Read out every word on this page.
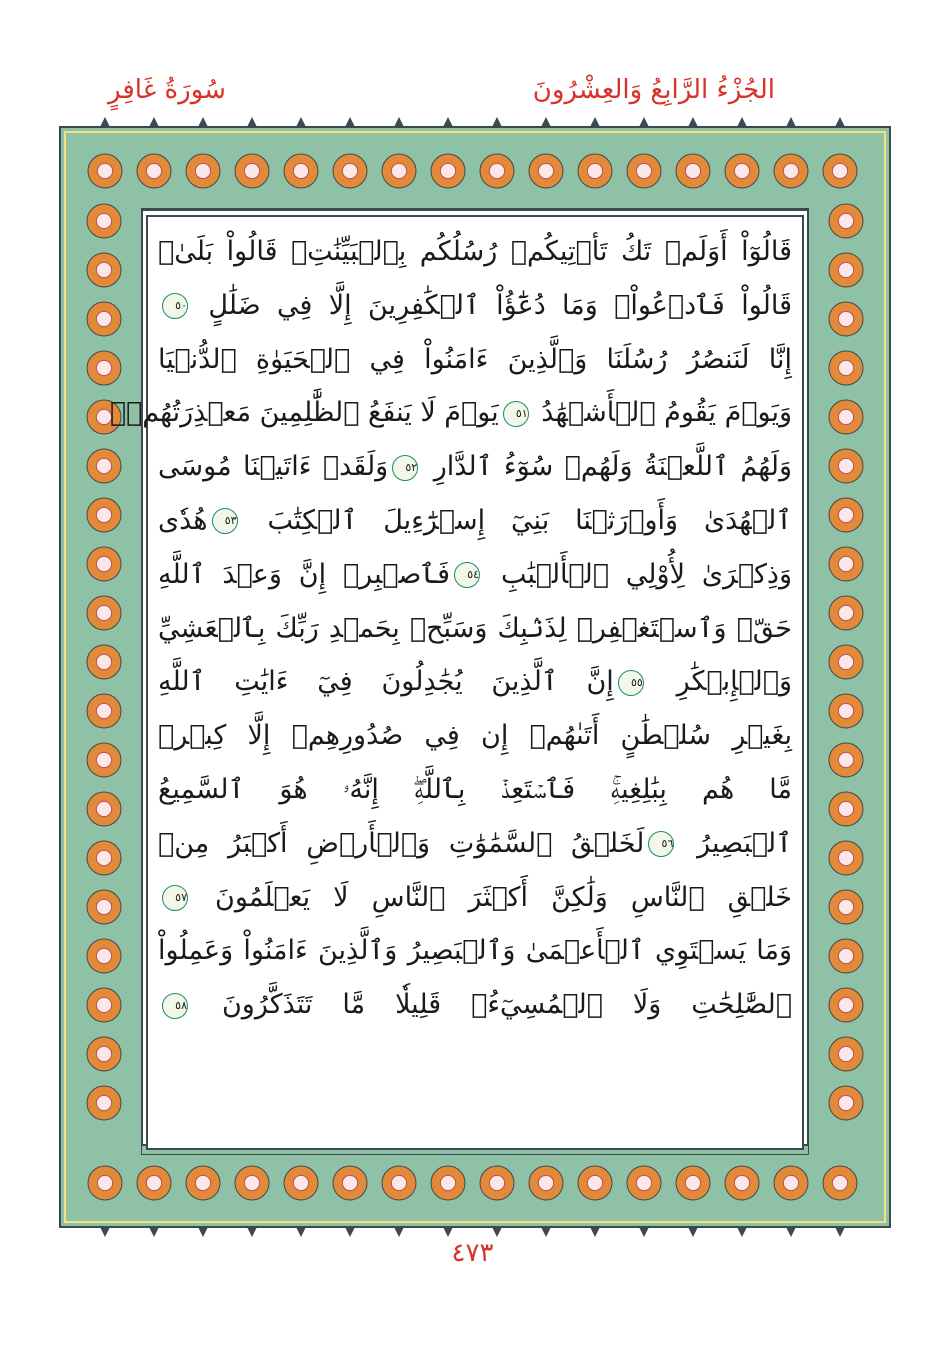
سُورَةُ غَافِرٍ	الجُزْءُ الرَّابِعُ وَالعِشْرُونَ
قَالُوٓاْ أَوَلَمۡ تَكُ تَأۡتِيكُمۡ رُسُلُكُم بِٱلۡبَيِّنَٰتِۖ قَالُواْ بَلَىٰۚ
قَالُواْ فَٱدۡعُواْۗ وَمَا دُعَٰٓؤُاْ ٱلۡكَٰفِرِينَ إِلَّا فِي ضَلَٰلٍ ٥٠
إِنَّا لَنَنصُرُ رُسُلَنَا وَٱلَّذِينَ ءَامَنُواْ فِي ٱلۡحَيَوٰةِ ٱلدُّنۡيَا
وَيَوۡمَ يَقُومُ ٱلۡأَشۡهَٰدُ ٥١يَوۡمَ لَا يَنفَعُ ٱلظَّٰلِمِينَ مَعۡذِرَتُهُمۡۖ
وَلَهُمُ ٱللَّعۡنَةُ وَلَهُمۡ سُوٓءُ ٱلدَّارِ ٥٢وَلَقَدۡ ءَاتَيۡنَا مُوسَى
ٱلۡهُدَىٰ وَأَوۡرَثۡنَا بَنِيٓ إِسۡرَٰٓءِيلَ ٱلۡكِتَٰبَ ٥٣هُدٗى
وَذِكۡرَىٰ لِأُوْلِي ٱلۡأَلۡبَٰبِ ٥٤فَٱصۡبِرۡ إِنَّ وَعۡدَ ٱللَّهِ
حَقّٞ وَٱسۡتَغۡفِرۡ لِذَنۢبِكَ وَسَبِّحۡ بِحَمۡدِ رَبِّكَ بِٱلۡعَشِيِّ
وَٱلۡإِبۡكَٰرِ ٥٥إِنَّ ٱلَّذِينَ يُجَٰدِلُونَ فِيٓ ءَايَٰتِ ٱللَّهِ
بِغَيۡرِ سُلۡطَٰنٍ أَتَىٰهُمۡ إِن فِي صُدُورِهِمۡ إِلَّا كِبۡرٞ
مَّا هُم بِبَٰلِغِيهِۚ فَٱسۡتَعِذۡ بِٱللَّهِۖ إِنَّهُۥ هُوَ ٱلسَّمِيعُ
ٱلۡبَصِيرُ ٥٦لَخَلۡقُ ٱلسَّمَٰوَٰتِ وَٱلۡأَرۡضِ أَكۡبَرُ مِنۡ
خَلۡقِ ٱلنَّاسِ وَلَٰكِنَّ أَكۡثَرَ ٱلنَّاسِ لَا يَعۡلَمُونَ ٥٧
وَمَا يَسۡتَوِي ٱلۡأَعۡمَىٰ وَٱلۡبَصِيرُ وَٱلَّذِينَ ءَامَنُواْ وَعَمِلُواْ
ٱلصَّٰلِحَٰتِ وَلَا ٱلۡمُسِيٓءُۚ قَلِيلٗا مَّا تَتَذَكَّرُونَ ٥٨
٤٧٣
